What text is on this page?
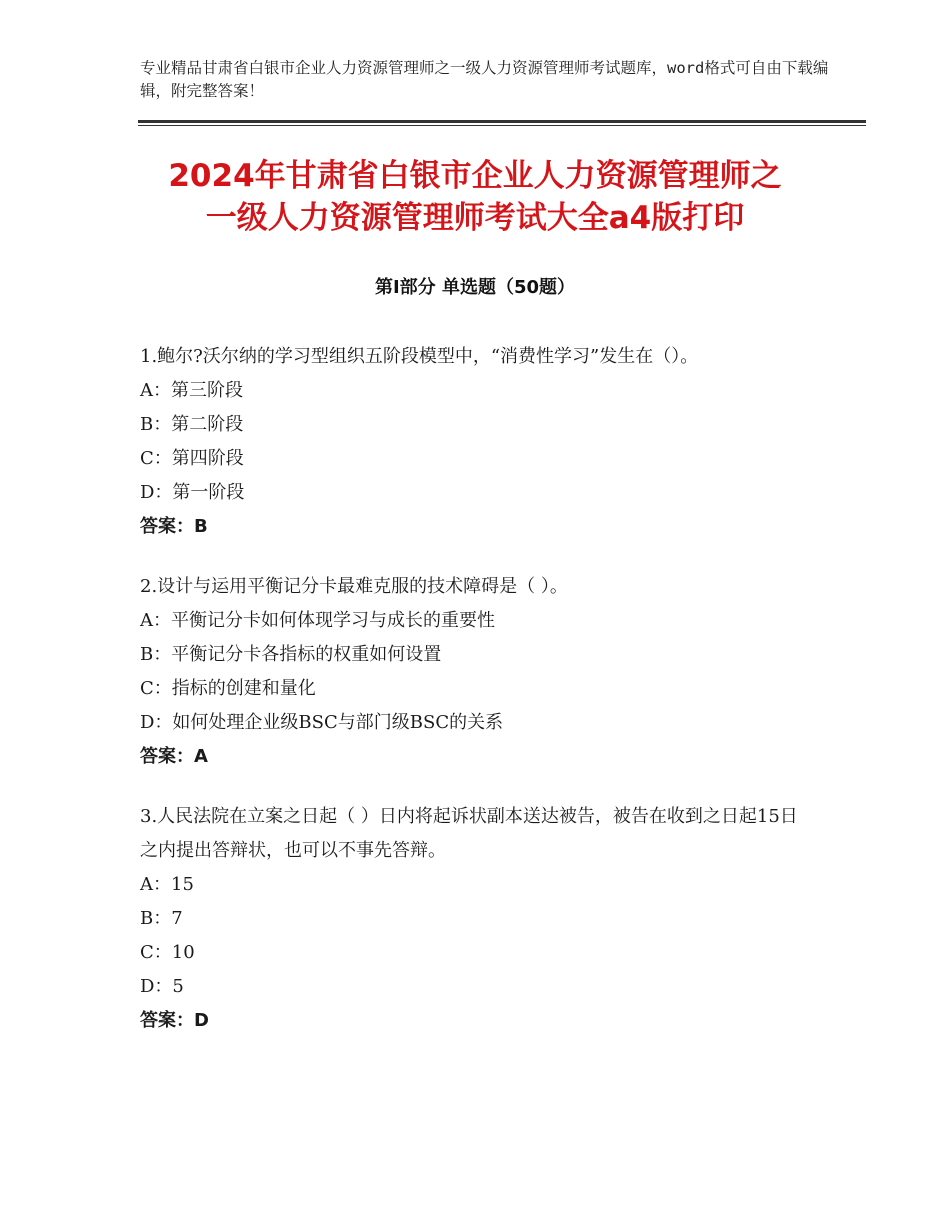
专业精品甘肃省白银市企业人力资源管理师之一级人力资源管理师考试题库，word格式可自由下载编辑，附完整答案！
2024年甘肃省白银市企业人力资源管理师之
一级人力资源管理师考试大全a4版打印
第Ⅰ部分 单选题（50题）

1.鲍尔?沃尔纳的学习型组织五阶段模型中，“消费性学习”发生在（）。

A：第三阶段

B：第二阶段

C：第四阶段

D：第一阶段

答案：B

2.设计与运用平衡记分卡最难克服的技术障碍是（ ）。

A：平衡记分卡如何体现学习与成长的重要性

B：平衡记分卡各指标的权重如何设置

C：指标的创建和量化

D：如何处理企业级BSC与部门级BSC的关系

答案：A

3.人民法院在立案之日起（ ）日内将起诉状副本送达被告，被告在收到之日起15日之内提出答辩状，也可以不事先答辩。

A：15

B：7

C：10

D：5

答案：D
